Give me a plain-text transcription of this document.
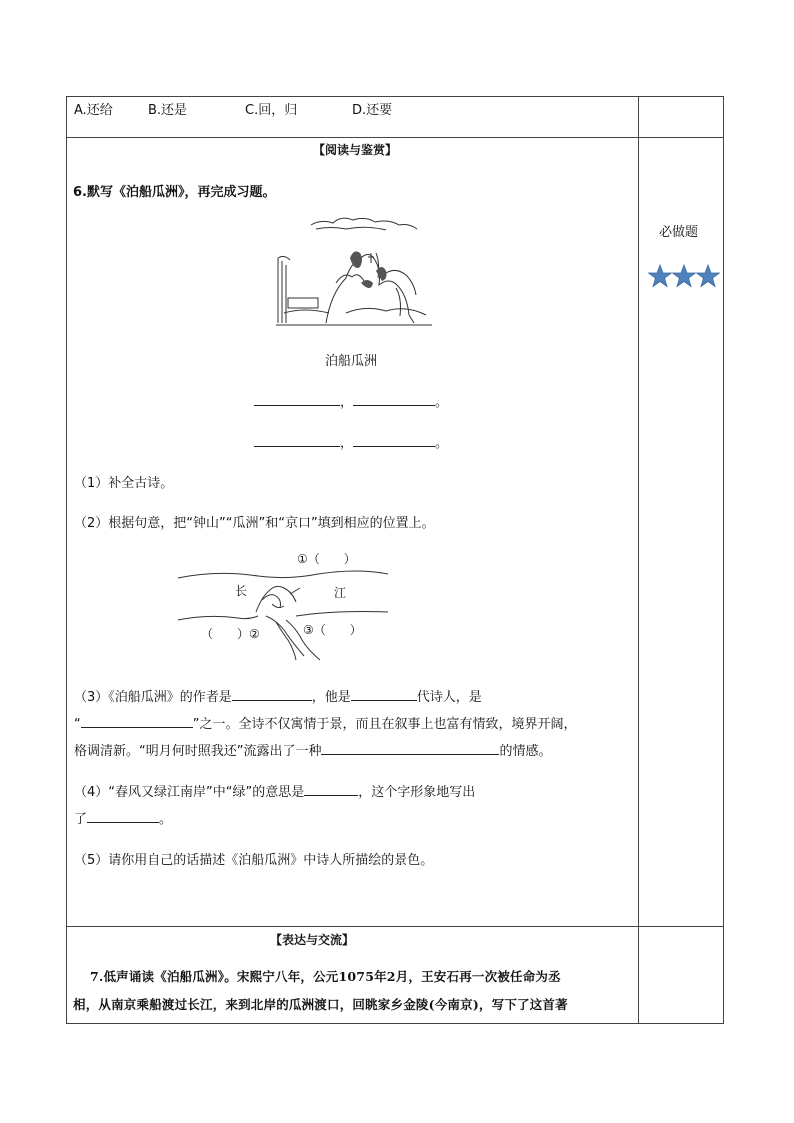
A.还给	B.还是	C.回，归	D.还要
【阅读与鉴赏】
6.默写《泊船瓜洲》，再完成习题。
泊船瓜洲
，	。
，	。
（1）补全古诗。
（2）根据句意，把“钟山”“瓜洲”和“京口”填到相应的位置上。
①（　　）
长	江
（　　）②	③（　　）
（3）《泊船瓜洲》的作者是	，他是	代诗人，是
“	”之一。全诗不仅寓情于景，而且在叙事上也富有情致，境界开阔，
格调清新。“明月何时照我还”流露出了一种	的情感。
（4）“春风又绿江南岸”中“绿”的意思是	，这个字形象地写出
了	。
（5）请你用自己的话描述《泊船瓜洲》中诗人所描绘的景色。
必做题
【表达与交流】
7.低声诵读《泊船瓜洲》。宋熙宁八年，公元1075年2月，王安石再一次被任命为丞
相，从南京乘船渡过长江，来到北岸的瓜洲渡口，回眺家乡金陵(今南京)，写下了这首著
